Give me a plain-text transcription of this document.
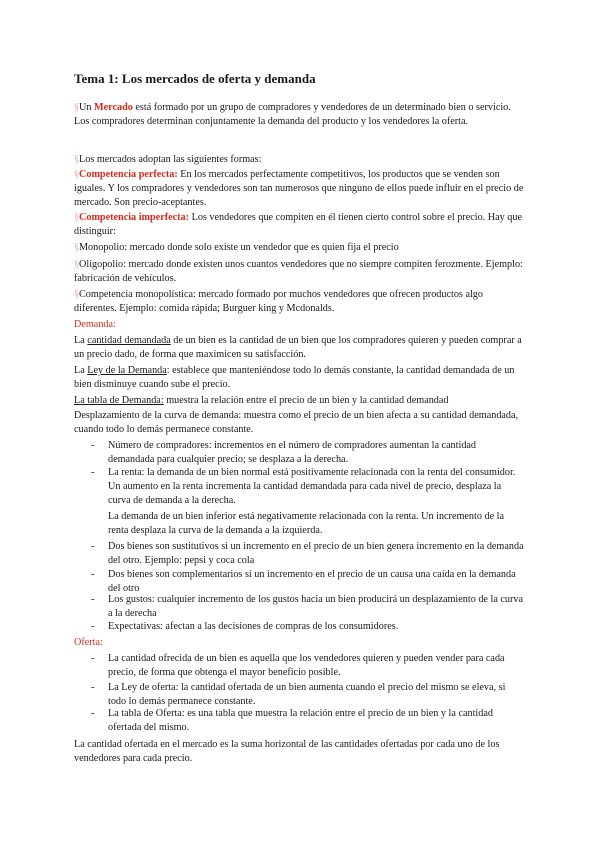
Tema 1: Los mercados de oferta y demanda
§Un Mercado está formado por un grupo de compradores y vendedores de un determinado bien o servicio. Los compradores determinan conjuntamente la demanda del producto y los vendedores la oferta.
§Los mercados adoptan las siguientes formas:
§Competencia perfecta: En los mercados perfectamente competitivos, los productos que se venden son iguales. Y los compradores y vendedores son tan numerosos que ninguno de ellos puede influir en el precio de mercado. Son precio-aceptantes.
§Competencia imperfecta: Los vendedores que compiten en él tienen cierto control sobre el precio. Hay que distinguir:
§Monopolio: mercado donde solo existe un vendedor que es quien fija el precio
§Oligopolio: mercado donde existen unos cuantos vendedores que no siempre compiten ferozmente. Ejemplo: fabricación de vehículos.
§Competencia monopolística: mercado formado por muchos vendedores que ofrecen productos algo diferentes. Ejemplo: comida rápida; Burguer king y Mcdonalds.
Demanda:
La cantidad demandada de un bien es la cantidad de un bien que los compradores quieren y pueden comprar a un precio dado, de forma que maximicen su satisfacción.
La Ley de la Demanda: establece que manteniéndose todo lo demás constante, la cantidad demandada de un bien disminuye cuando sube el precio.
La tabla de Demanda: muestra la relación entre el precio de un bien y la cantidad demandad
Desplazamiento de la curva de demanda: muestra como el precio de un bien afecta a su cantidad demandada, cuando todo lo demás permanece constante.
- Número de compradores: incrementos en el número de compradores aumentan la cantidad demandada para cualquier precio; se desplaza a la derecha.
- La renta: la demanda de un bien normal está positivamente relacionada con la renta del consumidor. Un aumento en la renta incrementa la cantidad demandada para cada nivel de precio, desplaza la curva de demanda a la derecha.
La demanda de un bien inferior está negativamente relacionada con la renta. Un incremento de la renta desplaza la curva de la demanda a la izquierda.
- Dos bienes son sustitutivos si un incremento en el precio de un bien genera incremento en la demanda del otro. Ejemplo: pepsi y coca cola
- Dos bienes son complementarios si un incremento en el precio de un causa una caída en la demanda del otro
- Los gustos: cualquier incremento de los gustos hacia un bien producirá un desplazamiento de la curva a la derecha
- Expectativas: afectan a las decisiones de compras de los consumidores.
Oferta:
- La cantidad ofrecida de un bien es aquella que los vendedores quieren y pueden vender para cada precio, de forma que obtenga el mayor beneficio posible.
- La Ley de oferta: la cantidad ofertada de un bien aumenta cuando el precio del mismo se eleva, si todo lo demás permanece constante.
- La tabla de Oferta: es una tabla que muestra la relación entre el precio de un bien y la cantidad ofertada del mismo.
La cantidad ofertada en el mercado es la suma horizontal de las cantidades ofertadas por cada uno de los vendedores para cada precio.
